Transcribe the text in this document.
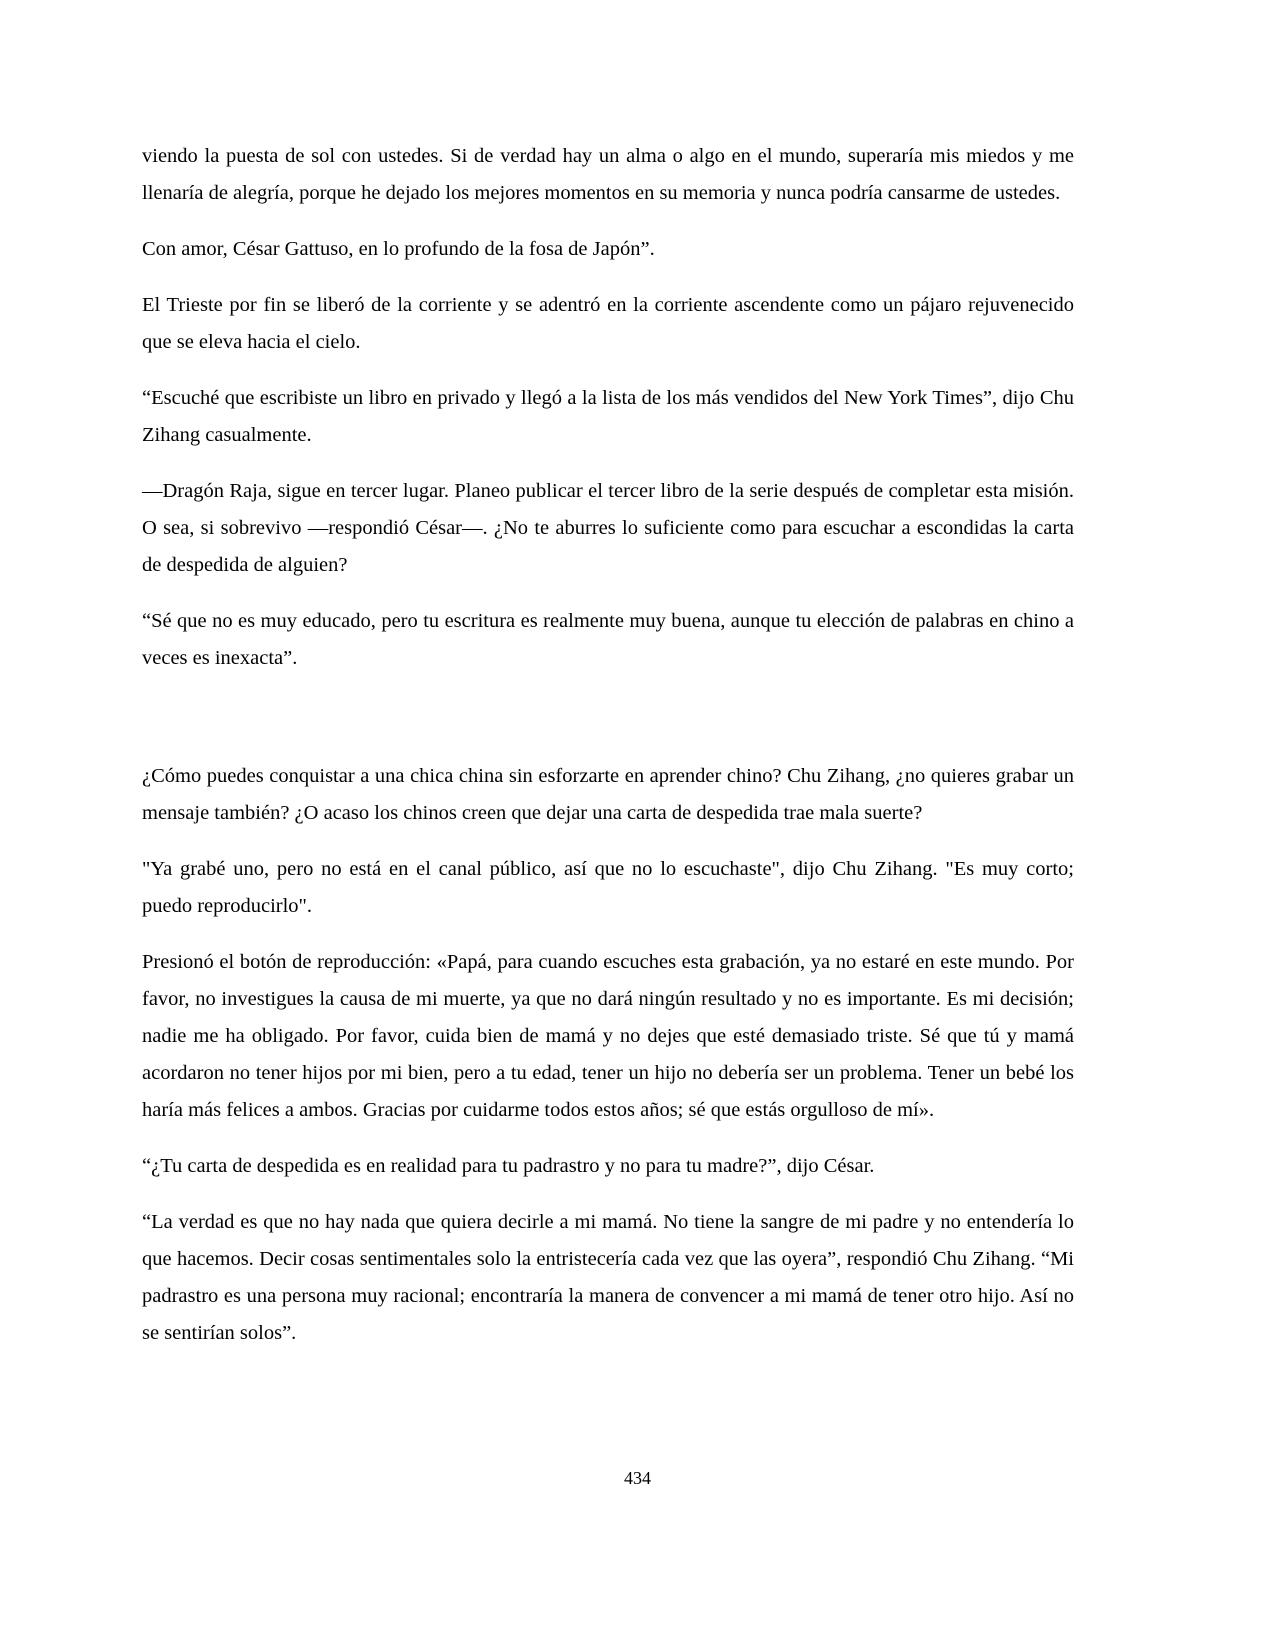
viendo la puesta de sol con ustedes. Si de verdad hay un alma o algo en el mundo, superaría mis miedos y me llenaría de alegría, porque he dejado los mejores momentos en su memoria y nunca podría cansarme de ustedes.

Con amor, César Gattuso, en lo profundo de la fosa de Japón”.

El Trieste por fin se liberó de la corriente y se adentró en la corriente ascendente como un pájaro rejuvenecido que se eleva hacia el cielo.

“Escuché que escribiste un libro en privado y llegó a la lista de los más vendidos del New York Times”, dijo Chu Zihang casualmente.

—Dragón Raja, sigue en tercer lugar. Planeo publicar el tercer libro de la serie después de completar esta misión. O sea, si sobrevivo —respondió César—. ¿No te aburres lo suficiente como para escuchar a escondidas la carta de despedida de alguien?

“Sé que no es muy educado, pero tu escritura es realmente muy buena, aunque tu elección de palabras en chino a veces es inexacta”.

¿Cómo puedes conquistar a una chica china sin esforzarte en aprender chino? Chu Zihang, ¿no quieres grabar un mensaje también? ¿O acaso los chinos creen que dejar una carta de despedida trae mala suerte?

"Ya grabé uno, pero no está en el canal público, así que no lo escuchaste", dijo Chu Zihang. "Es muy corto; puedo reproducirlo".

Presionó el botón de reproducción: «Papá, para cuando escuches esta grabación, ya no estaré en este mundo. Por favor, no investigues la causa de mi muerte, ya que no dará ningún resultado y no es importante. Es mi decisión; nadie me ha obligado. Por favor, cuida bien de mamá y no dejes que esté demasiado triste. Sé que tú y mamá acordaron no tener hijos por mi bien, pero a tu edad, tener un hijo no debería ser un problema. Tener un bebé los haría más felices a ambos. Gracias por cuidarme todos estos años; sé que estás orgulloso de mí».

“¿Tu carta de despedida es en realidad para tu padrastro y no para tu madre?”, dijo César.

“La verdad es que no hay nada que quiera decirle a mi mamá. No tiene la sangre de mi padre y no entendería lo que hacemos. Decir cosas sentimentales solo la entristecería cada vez que las oyera”, respondió Chu Zihang. “Mi padrastro es una persona muy racional; encontraría la manera de convencer a mi mamá de tener otro hijo. Así no se sentirían solos”.

434
